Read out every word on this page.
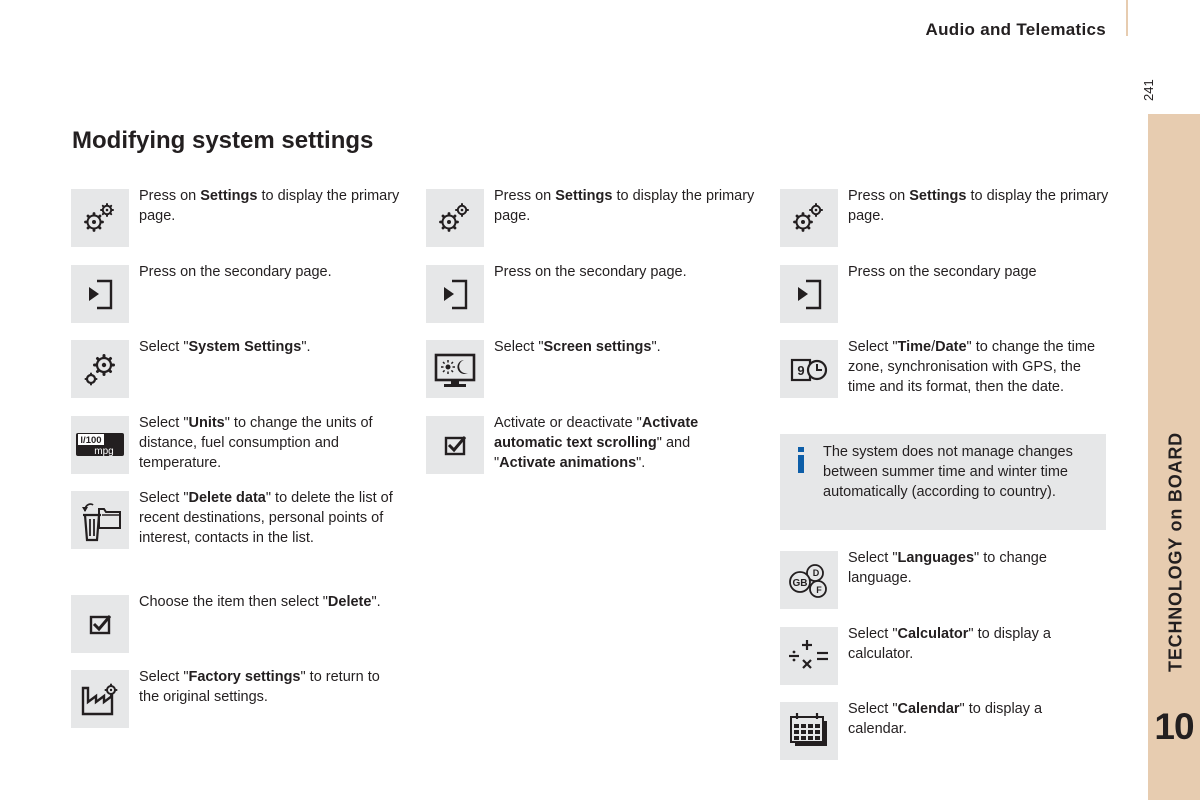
Audio and Telematics
241
TECHNOLOGY on BOARD
10
Modifying system settings
Press on Settings to display the primary page.
Press on the secondary page.
Select "System Settings".
l/100
mpg
Select "Units" to change the units of distance, fuel consumption and temperature.
Select "Delete data" to delete the list of recent destinations, personal points of interest, contacts in the list.
Choose the item then select "Delete".
Select "Factory settings" to return to the original settings.
Press on Settings to display the primary page.
Press on the secondary page.
Select "Screen settings".
Activate or deactivate "Activate automatic text scrolling" and "Activate animations".
Press on Settings to display the primary page.
Press on the secondary page
9
Select "Time/Date" to change the time zone, synchronisation with GPS, the time and its format, then the date.
The system does not manage changes between summer time and winter time automatically (according to country).
GB
D
F
Select "Languages" to change language.
Select "Calculator" to display a calculator.
Select "Calendar" to display a calendar.
